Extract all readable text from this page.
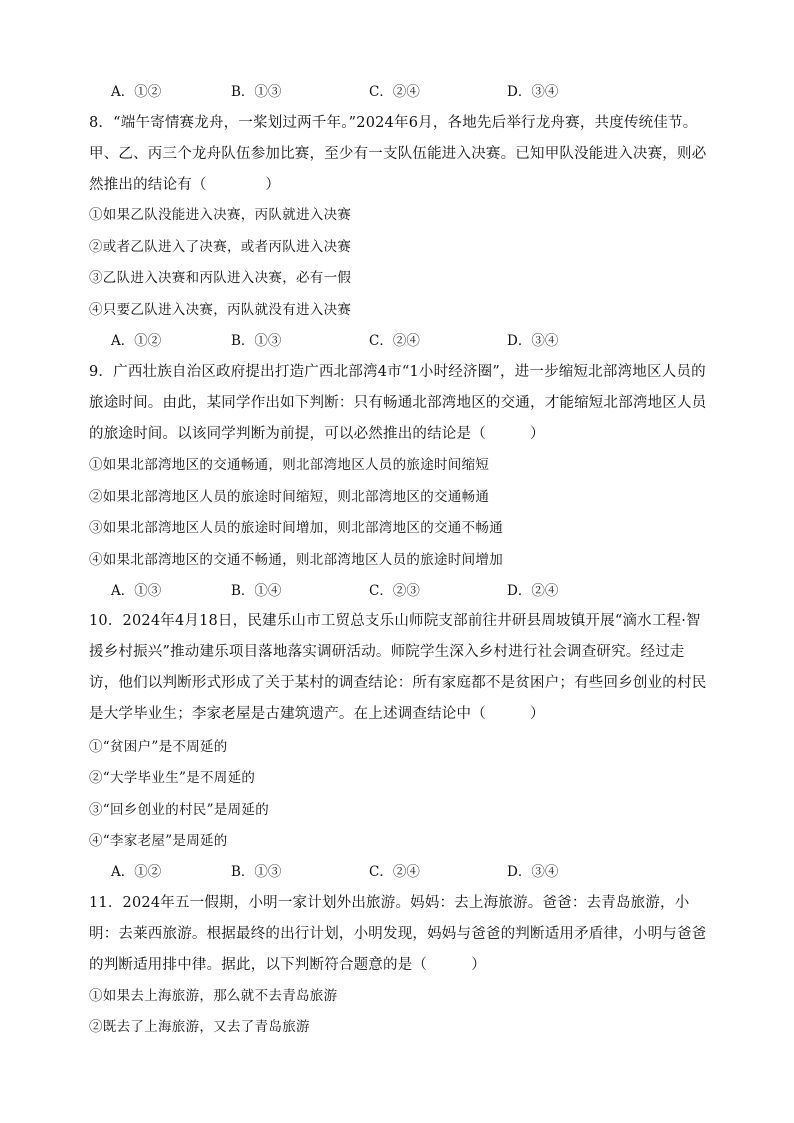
A．①②	B．①③	C．②④	D．③④
8．“端午寄情赛龙舟，一桨划过两千年。”2024年6月，各地先后举行龙舟赛，共度传统佳节。甲、乙、丙三个龙舟队伍参加比赛，至少有一支队伍能进入决赛。已知甲队没能进入决赛，则必然推出的结论有（　　　　）
①如果乙队没能进入决赛，丙队就进入决赛
②或者乙队进入了决赛，或者丙队进入决赛
③乙队进入决赛和丙队进入决赛，必有一假
④只要乙队进入决赛，丙队就没有进入决赛
A．①②	B．①③	C．②④	D．③④
9．广西壮族自治区政府提出打造广西北部湾4市“1小时经济圈”，进一步缩短北部湾地区人员的旅途时间。由此，某同学作出如下判断：只有畅通北部湾地区的交通，才能缩短北部湾地区人员的旅途时间。以该同学判断为前提，可以必然推出的结论是（　　　）
①如果北部湾地区的交通畅通，则北部湾地区人员的旅途时间缩短
②如果北部湾地区人员的旅途时间缩短，则北部湾地区的交通畅通
③如果北部湾地区人员的旅途时间增加，则北部湾地区的交通不畅通
④如果北部湾地区的交通不畅通，则北部湾地区人员的旅途时间增加
A．①③	B．①④	C．②③	D．②④
10．2024年4月18日，民建乐山市工贸总支乐山师院支部前往井研县周坡镇开展“滴水工程·智援乡村振兴”推动建乐项目落地落实调研活动。师院学生深入乡村进行社会调查研究。经过走访，他们以判断形式形成了关于某村的调查结论：所有家庭都不是贫困户；有些回乡创业的村民是大学毕业生；李家老屋是古建筑遗产。在上述调查结论中（　　　）
①“贫困户”是不周延的
②“大学毕业生”是不周延的
③“回乡创业的村民”是周延的
④“李家老屋”是周延的
A．①②	B．①③	C．②④	D．③④
11．2024年五一假期，小明一家计划外出旅游。妈妈：去上海旅游。爸爸：去青岛旅游，小明：去莱西旅游。根据最终的出行计划，小明发现，妈妈与爸爸的判断适用矛盾律，小明与爸爸的判断适用排中律。据此，以下判断符合题意的是（　　　）
①如果去上海旅游，那么就不去青岛旅游
②既去了上海旅游，又去了青岛旅游
